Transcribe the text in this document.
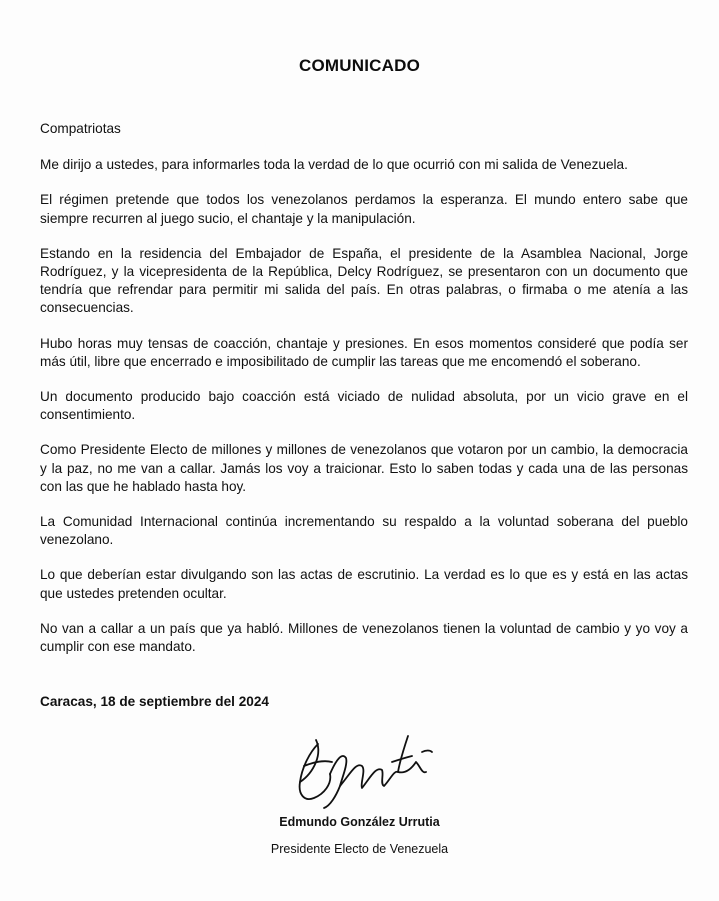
COMUNICADO

Compatriotas

Me dirijo a ustedes, para informarles toda la verdad de lo que ocurrió con mi salida de Venezuela.

El régimen pretende que todos los venezolanos perdamos la esperanza. El mundo entero sabe que siempre recurren al juego sucio, el chantaje y la manipulación.

Estando en la residencia del Embajador de España, el presidente de la Asamblea Nacional, Jorge Rodríguez, y la vicepresidenta de la República, Delcy Rodríguez, se presentaron con un documento que tendría que refrendar para permitir mi salida del país. En otras palabras, o firmaba o me atenía a las consecuencias.

Hubo horas muy tensas de coacción, chantaje y presiones. En esos momentos consideré que podía ser más útil, libre que encerrado e imposibilitado de cumplir las tareas que me encomendó el soberano.

Un documento producido bajo coacción está viciado de nulidad absoluta, por un vicio grave en el consentimiento.

Como Presidente Electo de millones y millones de venezolanos que votaron por un cambio, la democracia y la paz, no me van a callar. Jamás los voy a traicionar. Esto lo saben todas y cada una de las personas con las que he hablado hasta hoy.

La Comunidad Internacional continúa incrementando su respaldo a la voluntad soberana del pueblo venezolano.

Lo que deberían estar divulgando son las actas de escrutinio. La verdad es lo que es y está en las actas que ustedes pretenden ocultar.

No van a callar a un país que ya habló. Millones de venezolanos tienen la voluntad de cambio y yo voy a cumplir con ese mandato.

Caracas, 18 de septiembre del 2024
Edmundo González Urrutia
Presidente Electo de Venezuela
